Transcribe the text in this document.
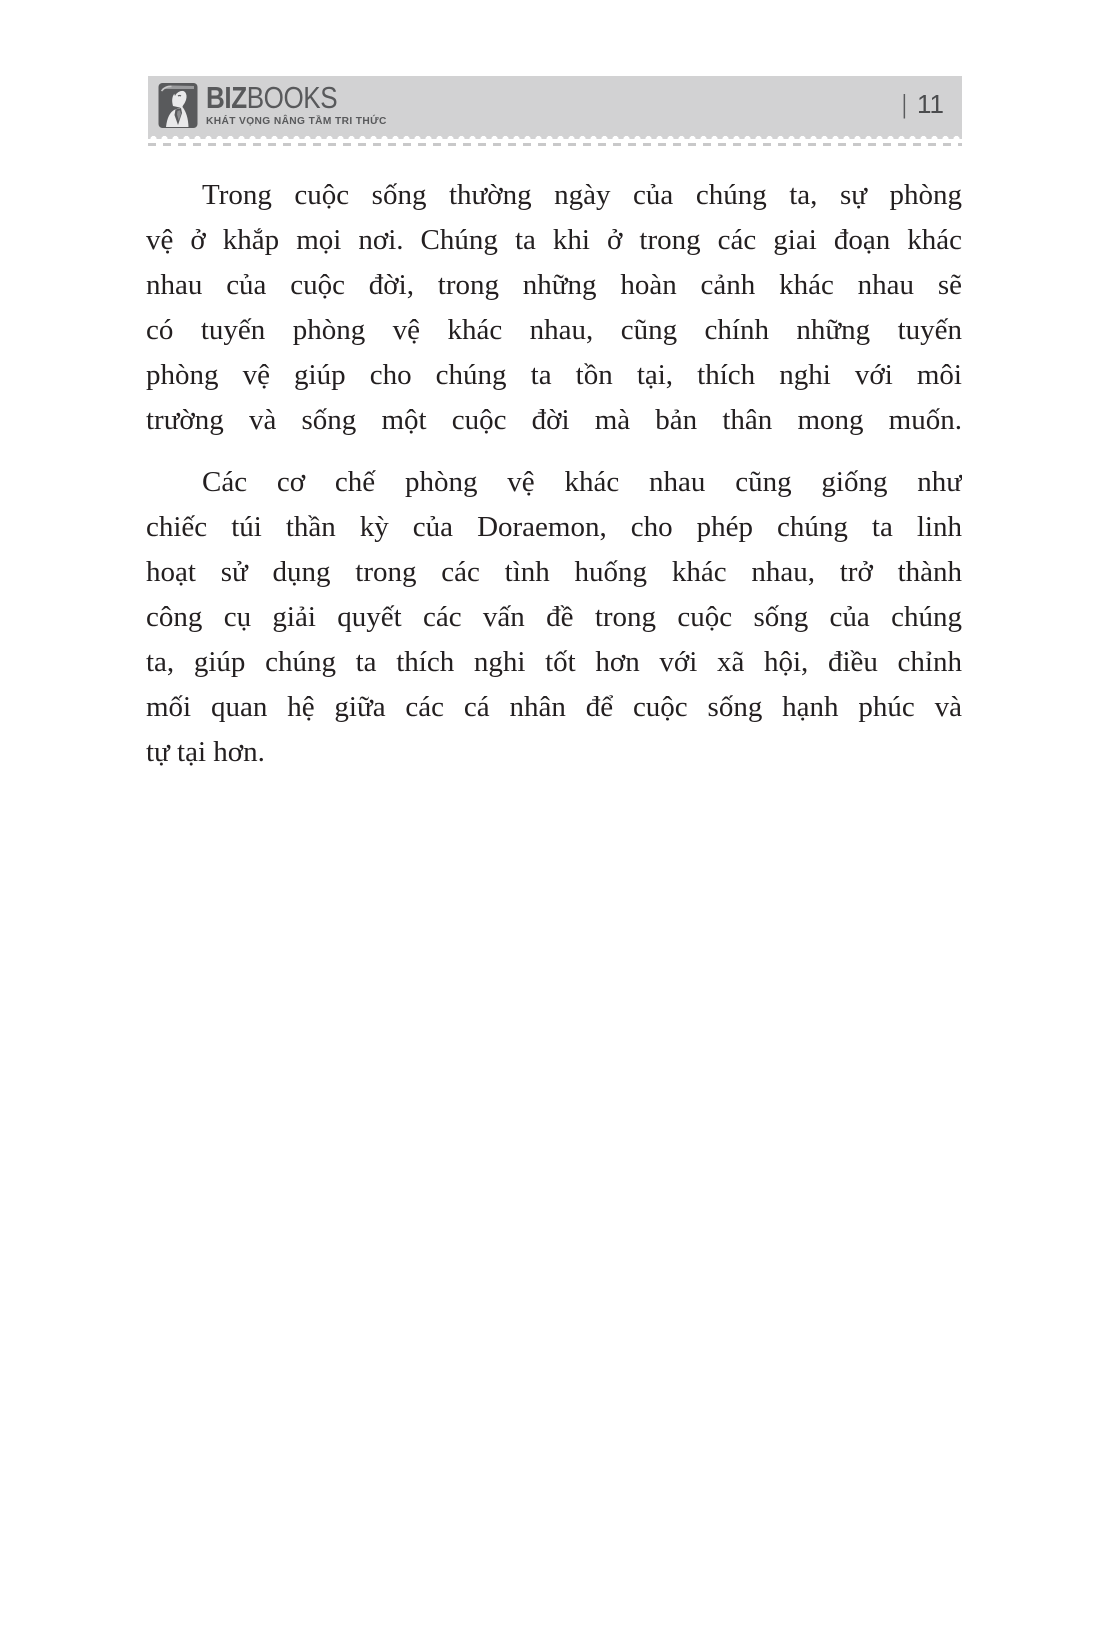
BIZBOOKS
KHÁT VỌNG NÂNG TẦM TRI THỨC
| 11
Trong cuộc sống thường ngày của chúng ta, sự phòng
vệ ở khắp mọi nơi. Chúng ta khi ở trong các giai đoạn khác
nhau của cuộc đời, trong những hoàn cảnh khác nhau sẽ
có tuyến phòng vệ khác nhau, cũng chính những tuyến
phòng vệ giúp cho chúng ta tồn tại, thích nghi với môi
trường và sống một cuộc đời mà bản thân mong muốn.
Các cơ chế phòng vệ khác nhau cũng giống như
chiếc túi thần kỳ của Doraemon, cho phép chúng ta linh
hoạt sử dụng trong các tình huống khác nhau, trở thành
công cụ giải quyết các vấn đề trong cuộc sống của chúng
ta, giúp chúng ta thích nghi tốt hơn với xã hội, điều chỉnh
mối quan hệ giữa các cá nhân để cuộc sống hạnh phúc và
tự tại hơn.
